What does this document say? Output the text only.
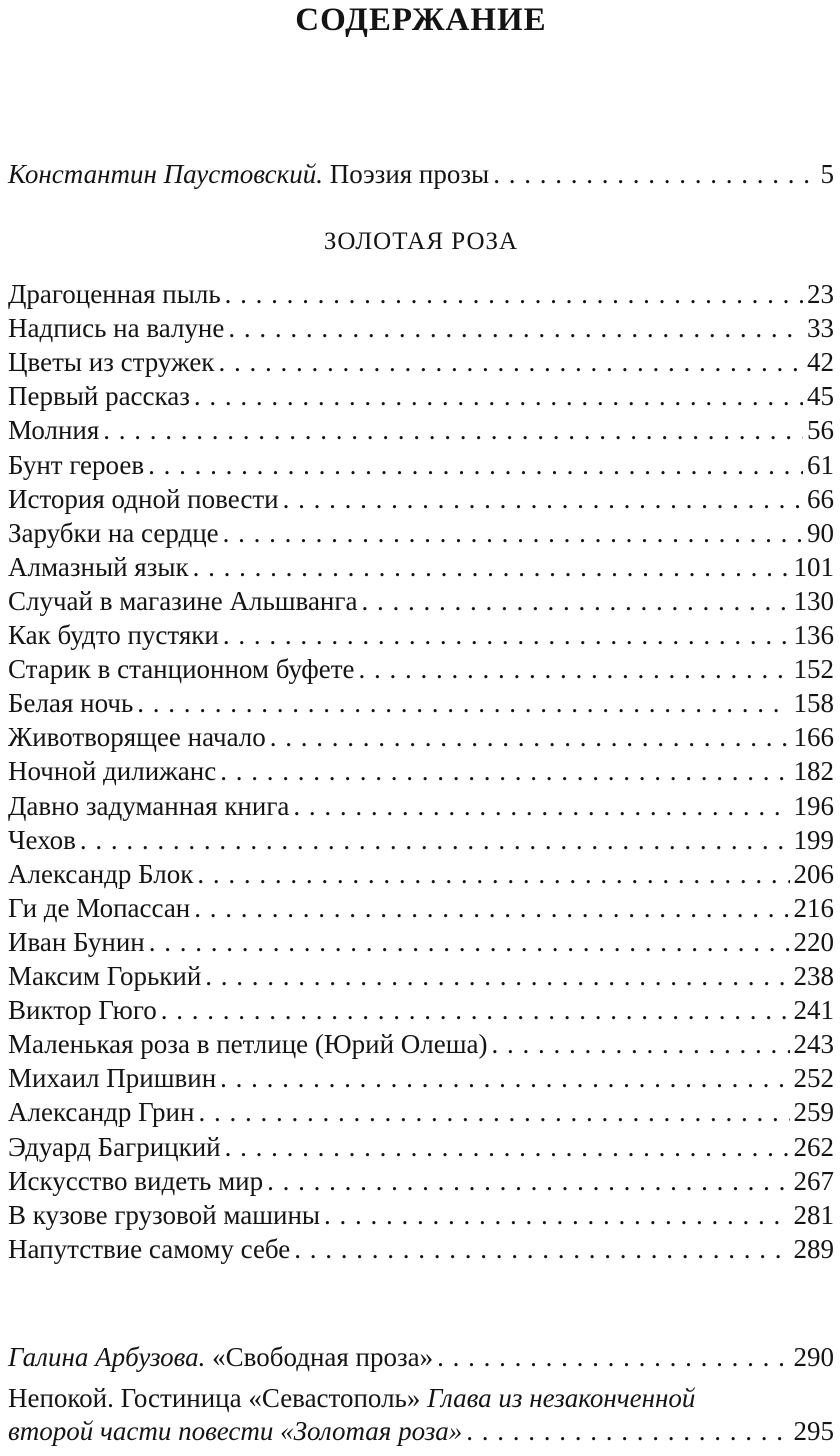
СОДЕРЖАНИЕ
Константин Паустовский. Поэзия прозы . . .	5
ЗОЛОТАЯ РОЗА
Драгоценная пыль . . .	23
Надпись на валуне . . .	33
Цветы из стружек . . .	42
Первый рассказ . . .	45
Молния . . .	56
Бунт героев . . .	61
История одной повести . . .	66
Зарубки на сердце . . .	90
Алмазный язык . . .	101
Случай в магазине Альшванга . . .	130
Как будто пустяки . . .	136
Старик в станционном буфете . . .	152
Белая ночь . . .	158
Животворящее начало . . .	166
Ночной дилижанс . . .	182
Давно задуманная книга . . .	196
Чехов . . .	199
Александр Блок . . .	206
Ги де Мопассан . . .	216
Иван Бунин . . .	220
Максим Горький . . .	238
Виктор Гюго . . .	241
Маленькая роза в петлице (Юрий Олеша) . . .	243
Михаил Пришвин . . .	252
Александр Грин . . .	259
Эдуард Багрицкий . . .	262
Искусство видеть мир . . .	267
В кузове грузовой машины . . .	281
Напутствие самому себе . . .	289
Галина Арбузова. «Свободная проза» . . .	290
Непокой. Гостиница «Севастополь» Глава из незаконченной
второй части повести «Золотая роза» . . .	295
